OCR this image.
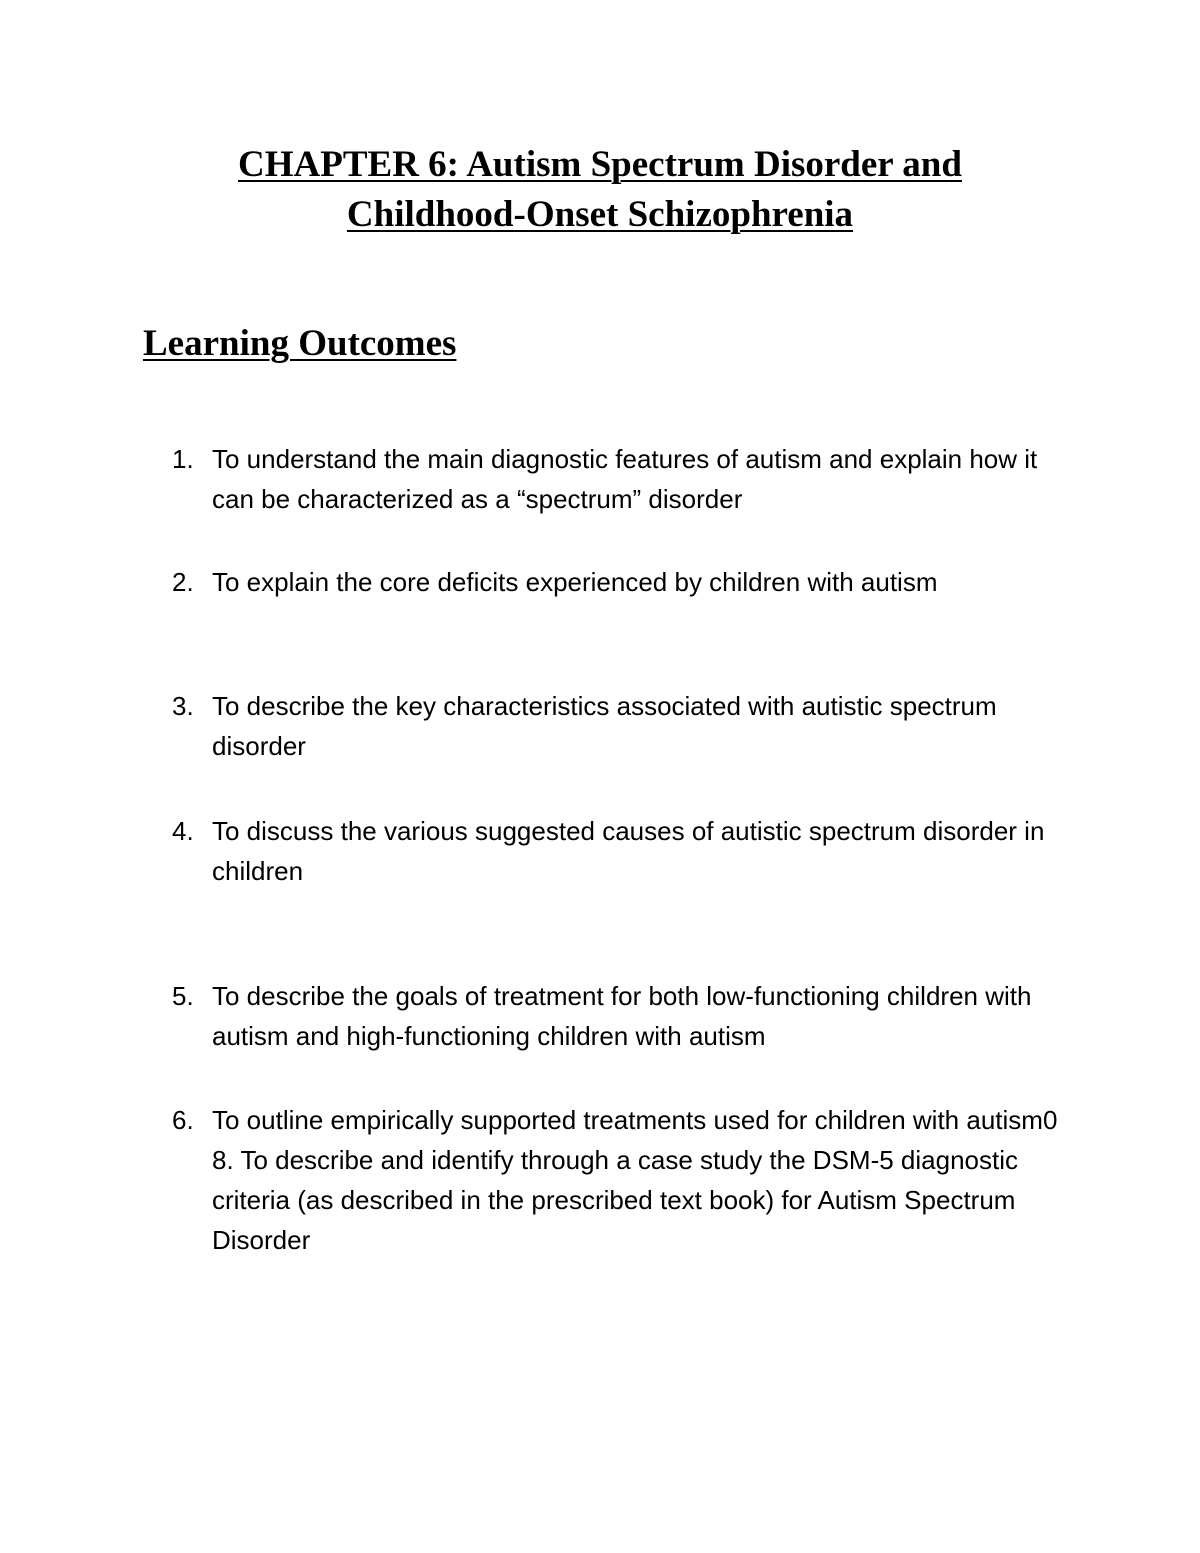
CHAPTER 6: Autism Spectrum Disorder and
Childhood-Onset Schizophrenia
Learning Outcomes
1. To understand the main diagnostic features of autism and explain how it can be characterized as a “spectrum” disorder
2. To explain the core deficits experienced by children with autism
3. To describe the key characteristics associated with autistic spectrum disorder
4. To discuss the various suggested causes of autistic spectrum disorder in children
5. To describe the goals of treatment for both low-functioning children with autism and high-functioning children with autism
6. To outline empirically supported treatments used for children with autism0 8. To describe and identify through a case study the DSM-5 diagnostic criteria (as described in the prescribed text book) for Autism Spectrum Disorder
